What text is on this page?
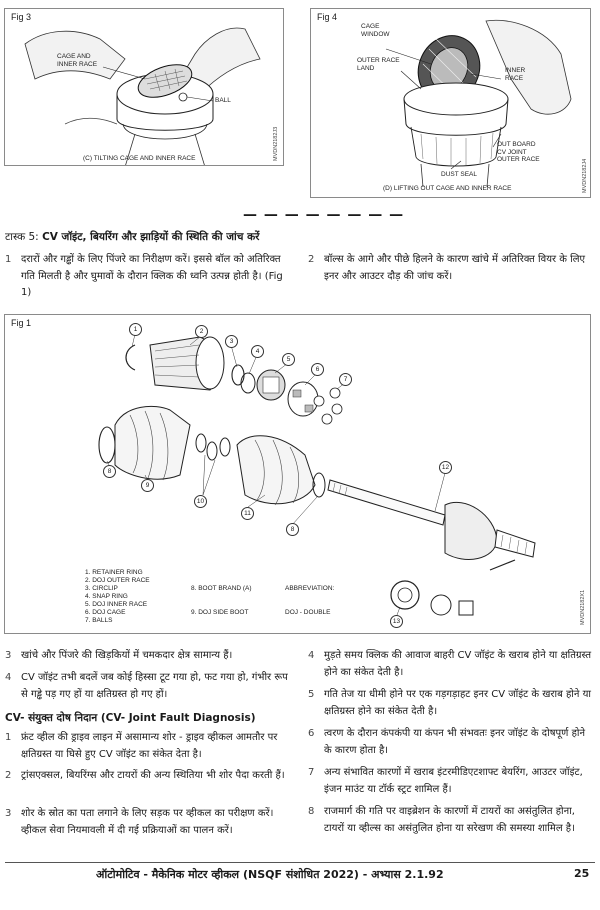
Fig 3
CAGE AND
INNER RACE
BALL
(C) TILTING CAGE AND INNER RACE	MVDN2182J3
Fig 4
CAGE
WINDOW
OUTER RACE
LAND	INNER
RACE
OUT BOARD
CV JOINT
OUTER RACE
DUST SEAL
(D) LIFTING OUT CAGE AND INNER RACE	MVDN2182J4
— — — — — — — —
टास्क 5: CV जॉइंट, बियरिंग और झाड़ियों की स्थिति की जांच करें
1 दरारों और गड्ढों के लिए पिंजरे का निरीक्षण करें। इससे बॉल को अतिरिक्त गति मिलती है और घुमावों के दौरान क्लिक की ध्वनि उत्पन्न होती है। (Fig 1)
2 बॉल्स के आगे और पीछे हिलने के कारण खांचे में अतिरिक्त वियर के लिए इनर और आउटर दौड़ की जांच करें।
Fig 1
1	2
3
4
5
6
7
8
9
10
11
12
8
13
1. RETAINER RING
2. DOJ OUTER RACE
3. CIRCLIP
4. SNAP RING
5. DOJ INNER RACE
6. DOJ CAGE
7. BALLS

8. BOOT BRAND (A)

9. DOJ SIDE BOOT

ABBREVIATION:

DOJ - DOUBLE

	MVDN2182X1
3 खांचे और पिंजरे की खिड़कियों में चमकदार क्षेत्र सामान्य हैं।
4 CV जॉइंट तभी बदलें जब कोई हिस्सा टूट गया हो, फट गया हो, गंभीर रूप से गड्ढे पड़ गए हों या क्षतिग्रस्त हो गए हों।
CV- संयुक्त दोष निदान (CV- Joint Fault Diagnosis)
1 फ्रंट व्हील की ड्राइव लाइन में असामान्य शोर - ड्राइव व्हीकल आमतौर पर क्षतिग्रस्त या घिसे हुए CV जॉइंट का संकेत देता है।
2 ट्रांसएक्सल, बियरिंग्स और टायरों की अन्य स्थितिया भी शोर पैदा करती हैं।
3 शोर के स्रोत का पता लगाने के लिए सड़क पर व्हीकल का परीक्षण करें। व्हीकल सेवा नियमावली में दी गई प्रक्रियाओं का पालन करें।
4 मुड़ते समय क्लिक की आवाज बाहरी CV जॉइंट के खराब होने या क्षतिग्रस्त होने का संकेत देती है।
5 गति तेज या धीमी होने पर एक गड़गड़ाहट इनर CV जॉइंट के खराब होने या क्षतिग्रस्त होने का संकेत देती है।
6 त्वरण के दौरान कंपकंपी या कंपन भी संभवतः इनर जॉइंट के दोषपूर्ण होने के कारण होता है।
7 अन्य संभावित कारणों में खराब इंटरमीडिएटशाफ्ट बेयरिंग, आउटर जॉइंट, इंजन माउंट या टॉर्क स्ट्रट शामिल हैं।
8 राजमार्ग की गति पर वाइब्रेशन के कारणों में टायरों का असंतुलित होना, टायरों या व्हील्स का असंतुलित होना या सरेखण की समस्या शामिल है।
ऑटोमोटिव - मैकेनिक मोटर व्हीकल (NSQF संशोधित 2022) - अभ्यास 2.1.92	25
